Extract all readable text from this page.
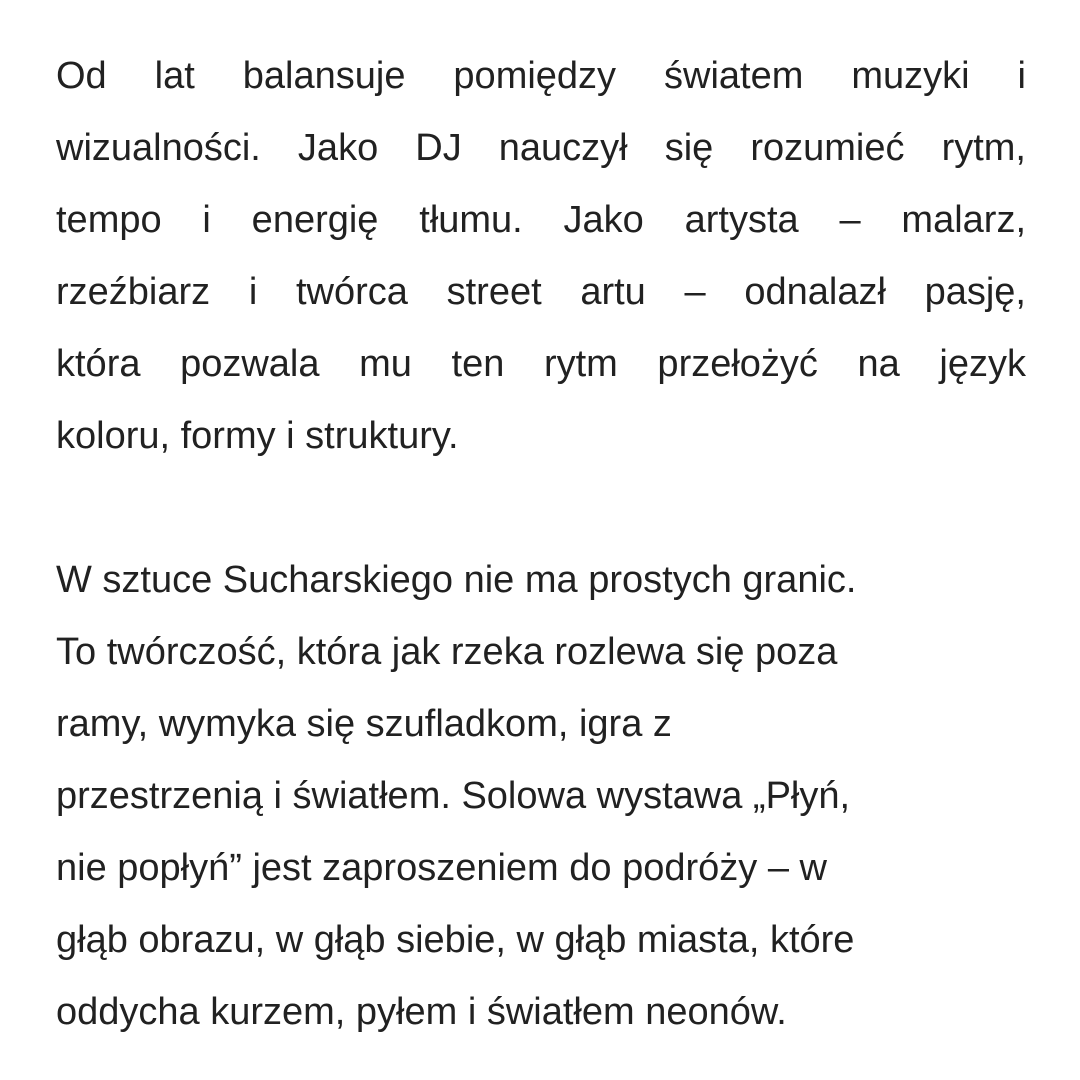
Od lat balansuje pomiędzy światem muzyki i
wizualności. Jako DJ nauczył się rozumieć rytm,
tempo i energię tłumu. Jako artysta – malarz,
rzeźbiarz i twórca street artu – odnalazł pasję,
która pozwala mu ten rytm przełożyć na język
koloru, formy i struktury.

W sztuce Sucharskiego nie ma prostych granic.
To twórczość, która jak rzeka rozlewa się poza
ramy, wymyka się szufladkom, igra z
przestrzenią i światłem. Solowa wystawa „Płyń,
nie popłyń” jest zaproszeniem do podróży – w
głąb obrazu, w głąb siebie, w głąb miasta, które
oddycha kurzem, pyłem i światłem neonów.
